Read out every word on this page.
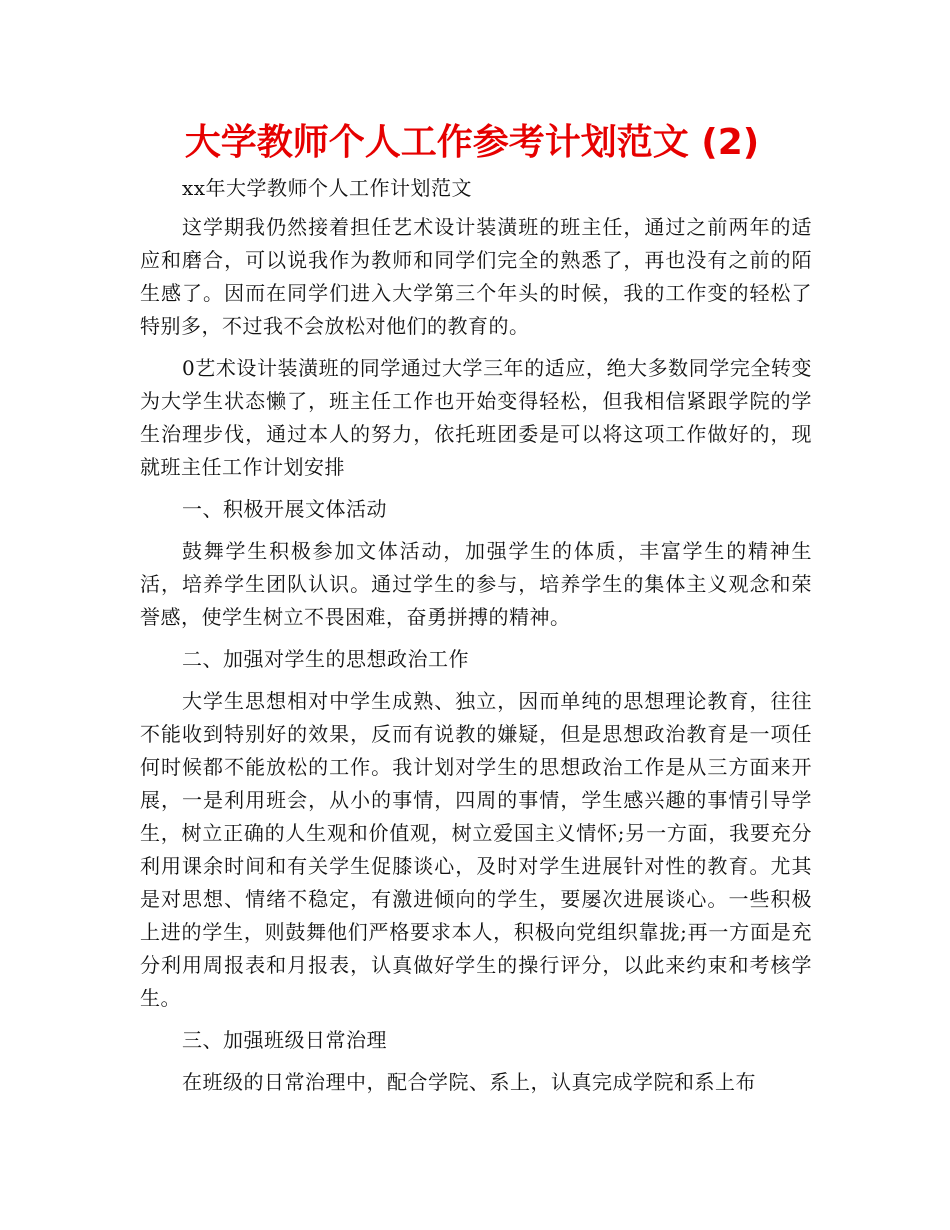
大学教师个人工作参考计划范文 (2)
xx年大学教师个人工作计划范文
这学期我仍然接着担任艺术设计装潢班的班主任，通过之前两年的适应和磨合，可以说我作为教师和同学们完全的熟悉了，再也没有之前的陌生感了。因而在同学们进入大学第三个年头的时候，我的工作变的轻松了特别多，不过我不会放松对他们的教育的。
0艺术设计装潢班的同学通过大学三年的适应，绝大多数同学完全转变为大学生状态懒了，班主任工作也开始变得轻松，但我相信紧跟学院的学生治理步伐，通过本人的努力，依托班团委是可以将这项工作做好的，现就班主任工作计划安排
一、积极开展文体活动
鼓舞学生积极参加文体活动，加强学生的体质，丰富学生的精神生活，培养学生团队认识。通过学生的参与，培养学生的集体主义观念和荣誉感，使学生树立不畏困难，奋勇拼搏的精神。
二、加强对学生的思想政治工作
大学生思想相对中学生成熟、独立，因而单纯的思想理论教育，往往不能收到特别好的效果，反而有说教的嫌疑，但是思想政治教育是一项任何时候都不能放松的工作。我计划对学生的思想政治工作是从三方面来开展，一是利用班会，从小的事情，四周的事情，学生感兴趣的事情引导学生，树立正确的人生观和价值观，树立爱国主义情怀;另一方面，我要充分利用课余时间和有关学生促膝谈心，及时对学生进展针对性的教育。尤其是对思想、情绪不稳定，有激进倾向的学生，要屡次进展谈心。一些积极上进的学生，则鼓舞他们严格要求本人，积极向党组织靠拢;再一方面是充分利用周报表和月报表，认真做好学生的操行评分，以此来约束和考核学生。
三、加强班级日常治理
在班级的日常治理中，配合学院、系上，认真完成学院和系上布
